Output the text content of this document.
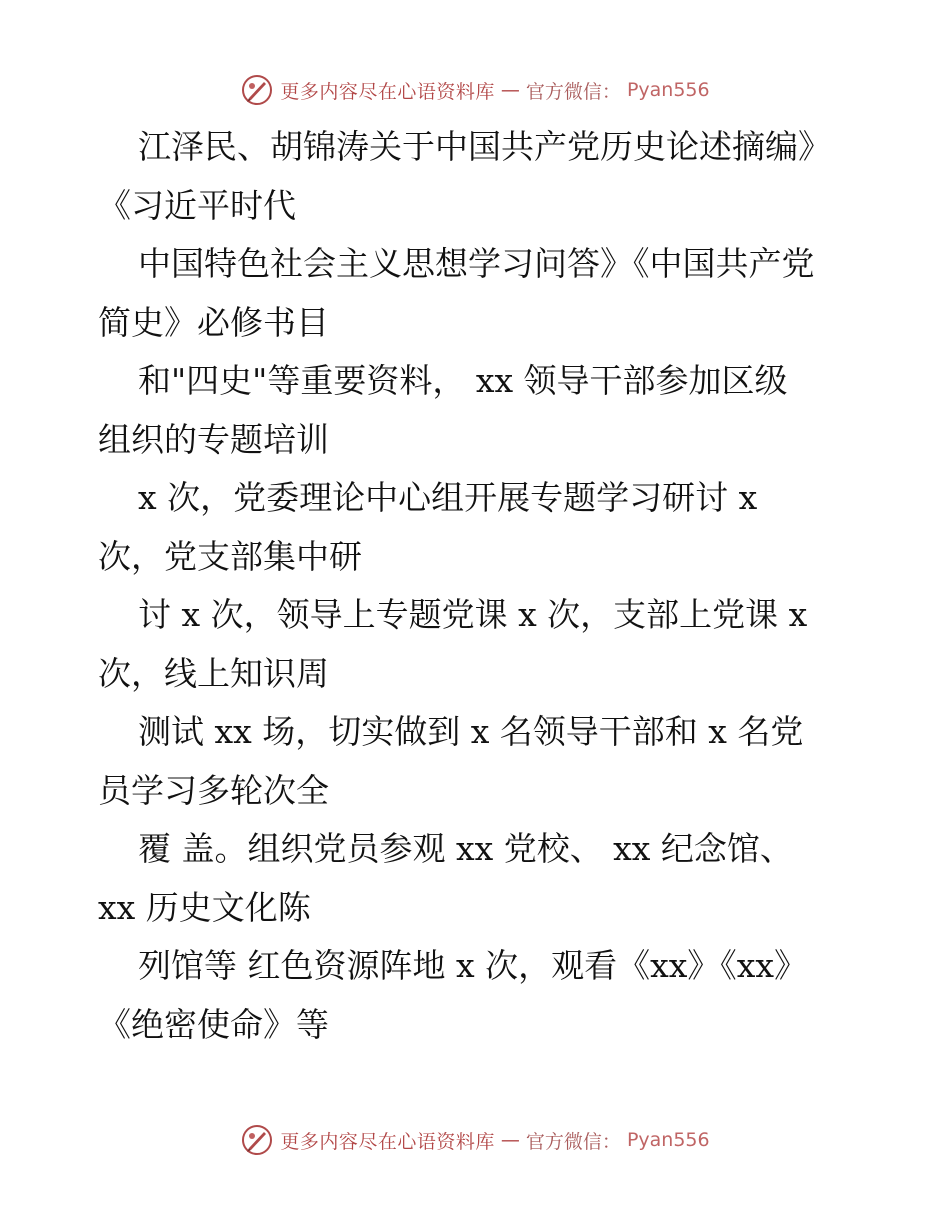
更多内容尽在心语资料库 — 官方微信： Pyan556
江泽民、胡锦涛关于中国共产党历史论述摘编》
《习近平时代
中国特色社会主义思想学习问答》《中国共产党
简史》必修书目
和"四史"等重要资料， xx 领导干部参加区级
组织的专题培训
x 次，党委理论中心组开展专题学习研讨 x
次，党支部集中研
讨 x 次，领导上专题党课 x 次，支部上党课 x
次，线上知识周
测试 xx 场，切实做到 x 名领导干部和 x 名党
员学习多轮次全
覆 盖。组织党员参观 xx 党校、 xx 纪念馆、
xx 历史文化陈
列馆等 红色资源阵地 x 次，观看《xx》《xx》
《绝密使命》等
更多内容尽在心语资料库 — 官方微信： Pyan556
